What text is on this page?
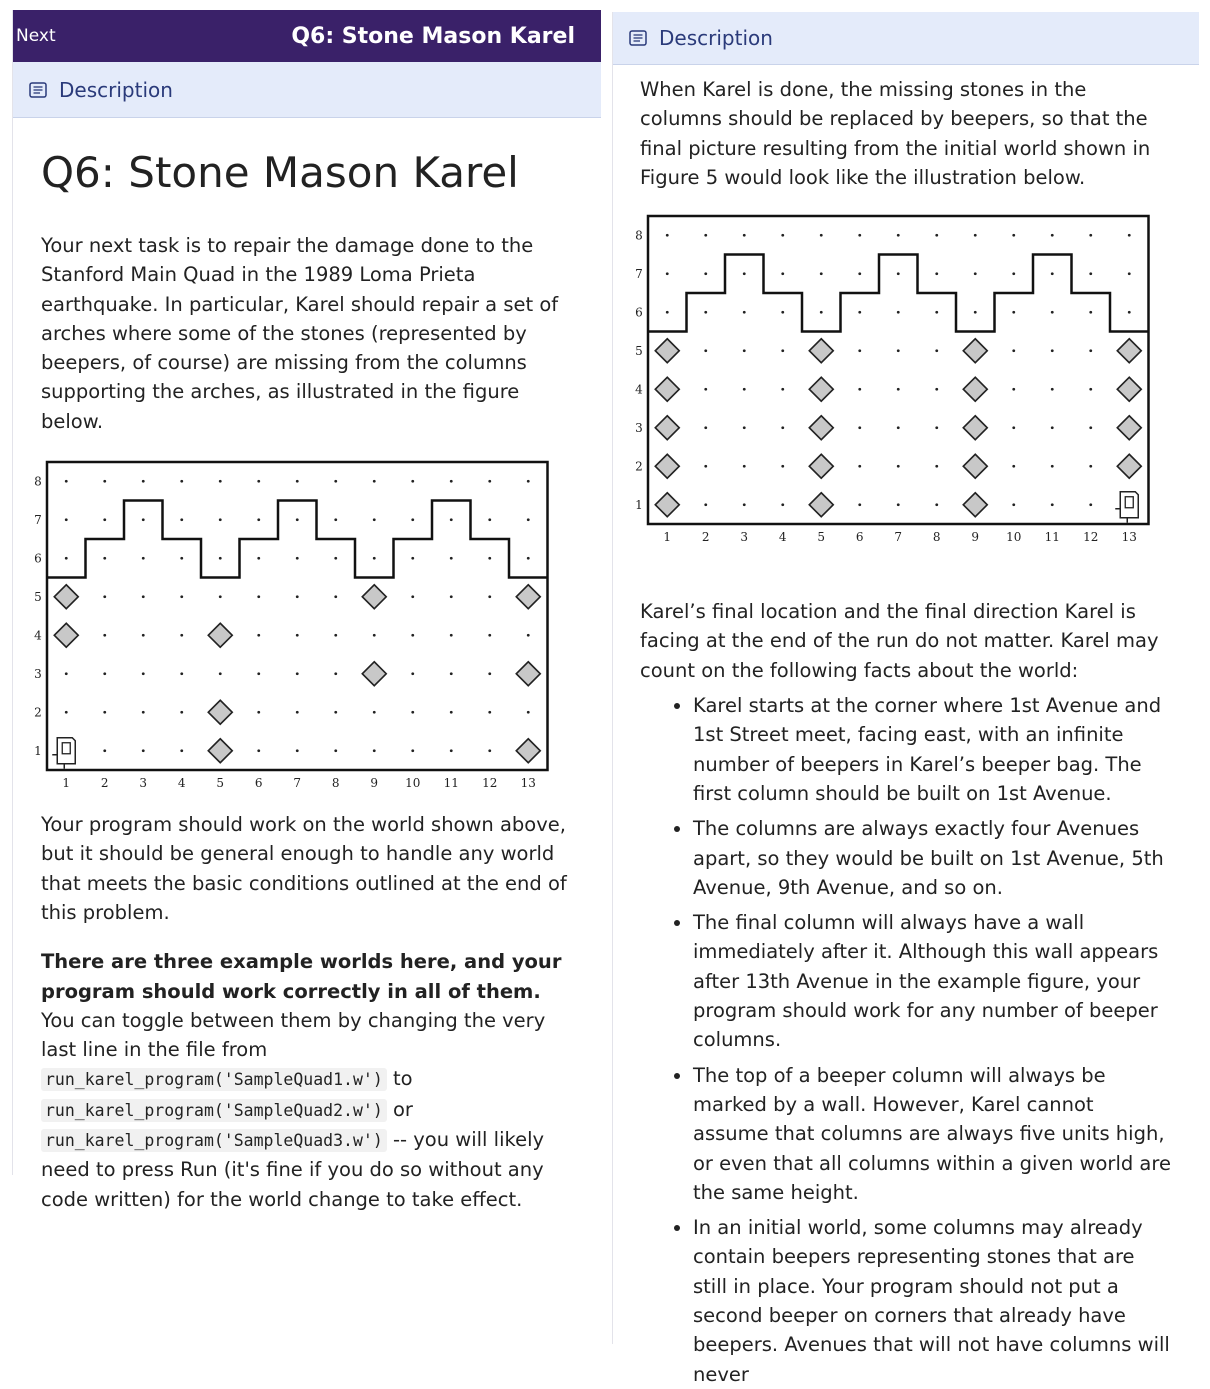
Next	Q6: Stone Mason Karel
Description
Q6: Stone Mason Karel

Your next task is to repair the damage done to the Stanford Main Quad in the 1989 Loma Prieta earthquake. In particular, Karel should repair a set of arches where some of the stones (represented by beepers, of course) are missing from the columns supporting the arches, as illustrated in the figure below.

1	2	3	4	5	6	7	8	9 10 11 12 13
1
2
3
4
5
6
7
8

Your program should work on the world shown above, but it should be general enough to handle any world that meets the basic conditions outlined at the end of this problem.

There are three example worlds here, and your program should work correctly in all of them. You can toggle between them by changing the very last line in the file from run_karel_program('SampleQuad1.w') to run_karel_program('SampleQuad2.w') or run_karel_program('SampleQuad3.w') -- you will likely need to press Run (it's fine if you do so without any code written) for the world change to take effect.

Description

When Karel is done, the missing stones in the columns should be replaced by beepers, so that the final picture resulting from the initial world shown in Figure 5 would look like the illustration below.

1	2	3	4	5	6	7	8	9 10 11 12 13
1
2
3
4
5
6
7
8

Karel’s final location and the final direction Karel is facing at the end of the run do not matter. Karel may count on the following facts about the world:

• Karel starts at the corner where 1st Avenue and 1st Street meet, facing east, with an infinite number of beepers in Karel’s beeper bag. The first column should be built on 1st Avenue.
• The columns are always exactly four Avenues apart, so they would be built on 1st Avenue, 5th Avenue, 9th Avenue, and so on.
• The final column will always have a wall immediately after it. Although this wall appears after 13th Avenue in the example figure, your program should work for any number of beeper columns.
• The top of a beeper column will always be marked by a wall. However, Karel cannot assume that columns are always five units high, or even that all columns within a given world are the same height.
• In an initial world, some columns may already contain beepers representing stones that are still in place. Your program should not put a second beeper on corners that already have beepers. Avenues that will not have columns will never
